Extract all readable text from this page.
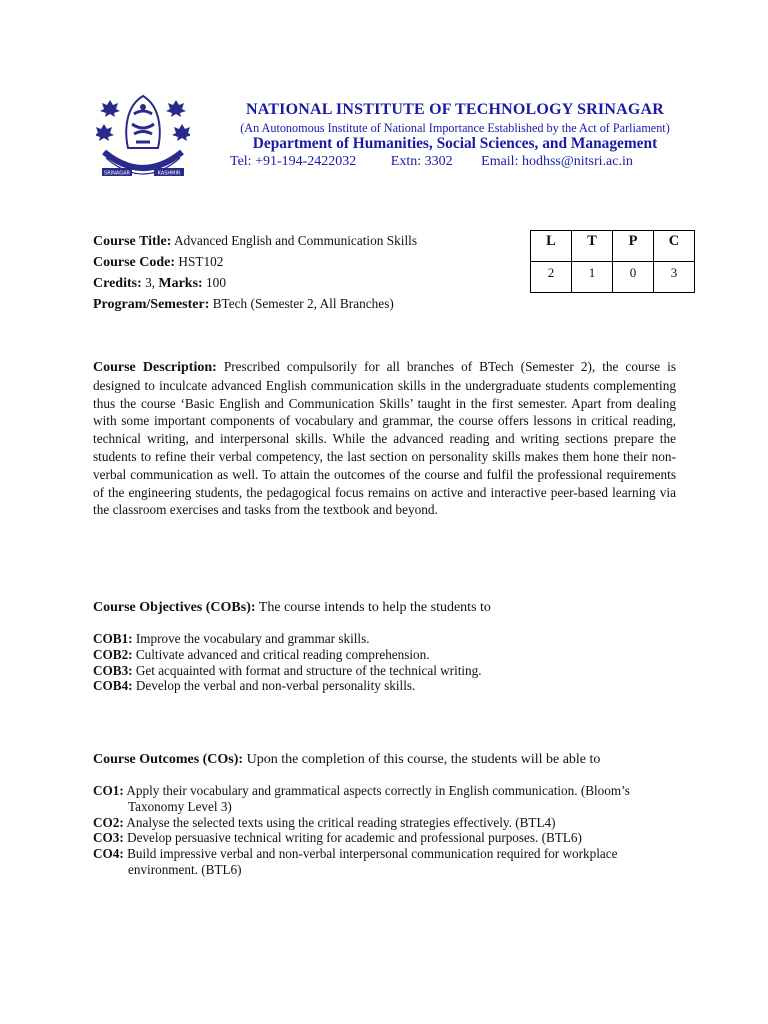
SRINAGAR	KASHMIR
NATIONAL INSTITUTE OF TECHNOLOGY SRINAGAR
(An Autonomous Institute of National Importance Established by the Act of Parliament)
Department of Humanities, Social Sciences, and Management
Tel: +91-194-2422032 Extn: 3302 Email: hodhss@nitsri.ac.in
Course Title: Advanced English and Communication Skills
Course Code: HST102
Credits: 3, Marks: 100
Program/Semester: BTech (Semester 2, All Branches)
L	T	P	C
2	1	0	3
Course Description: Prescribed compulsorily for all branches of BTech (Semester 2), the course is designed to inculcate advanced English communication skills in the undergraduate students complementing thus the course ‘Basic English and Communication Skills’ taught in the first semester. Apart from dealing with some important components of vocabulary and grammar, the course offers lessons in critical reading, technical writing, and interpersonal skills. While the advanced reading and writing sections prepare the students to refine their verbal competency, the last section on personality skills makes them hone their non-verbal communication as well. To attain the outcomes of the course and fulfil the professional requirements of the engineering students, the pedagogical focus remains on active and interactive peer-based learning via the classroom exercises and tasks from the textbook and beyond.
Course Objectives (COBs): The course intends to help the students to
COB1: Improve the vocabulary and grammar skills.
COB2: Cultivate advanced and critical reading comprehension.
COB3: Get acquainted with format and structure of the technical writing.
COB4: Develop the verbal and non-verbal personality skills.
Course Outcomes (COs): Upon the completion of this course, the students will be able to
CO1: Apply their vocabulary and grammatical aspects correctly in English communication. (Bloom’s Taxonomy Level 3)
CO2: Analyse the selected texts using the critical reading strategies effectively. (BTL4)
CO3: Develop persuasive technical writing for academic and professional purposes. (BTL6)
CO4: Build impressive verbal and non-verbal interpersonal communication required for workplace environment. (BTL6)
